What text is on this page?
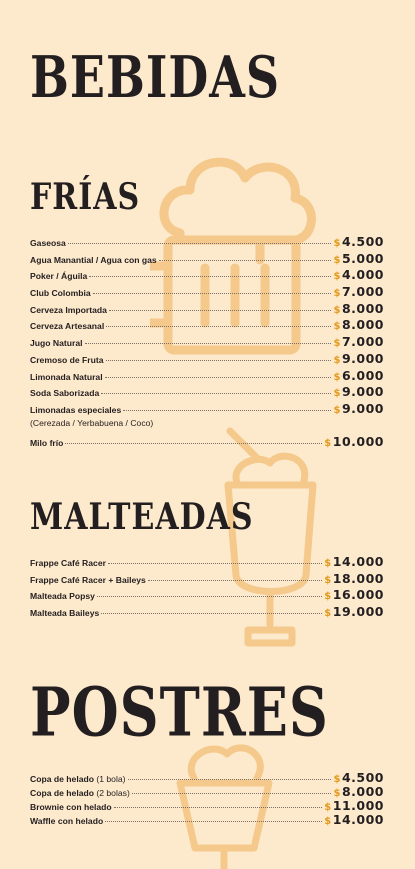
BEBIDAS
FRÍAS
MALTEADAS
POSTRES
Gaseosa	$4.500
Agua Manantial / Agua con gas	$5.000
Poker / Águila	$4.000
Club Colombia	$7.000
Cerveza Importada	$8.000
Cerveza Artesanal	$8.000
Jugo Natural	$7.000
Cremoso de Fruta	$9.000
Limonada Natural	$6.000
Soda Saborizada	$9.000
Limonadas especiales	$9.000
(Cerezada / Yerbabuena / Coco)
Milo frío	$10.000
Frappe Café Racer	$14.000
Frappe Café Racer + Baileys	$18.000
Malteada Popsy	$16.000
Malteada Baileys	$19.000
Copa de helado (1 bola)	$4.500
Copa de helado (2 bolas)	$8.000
Brownie con helado	$11.000
Waffle con helado	$14.000
